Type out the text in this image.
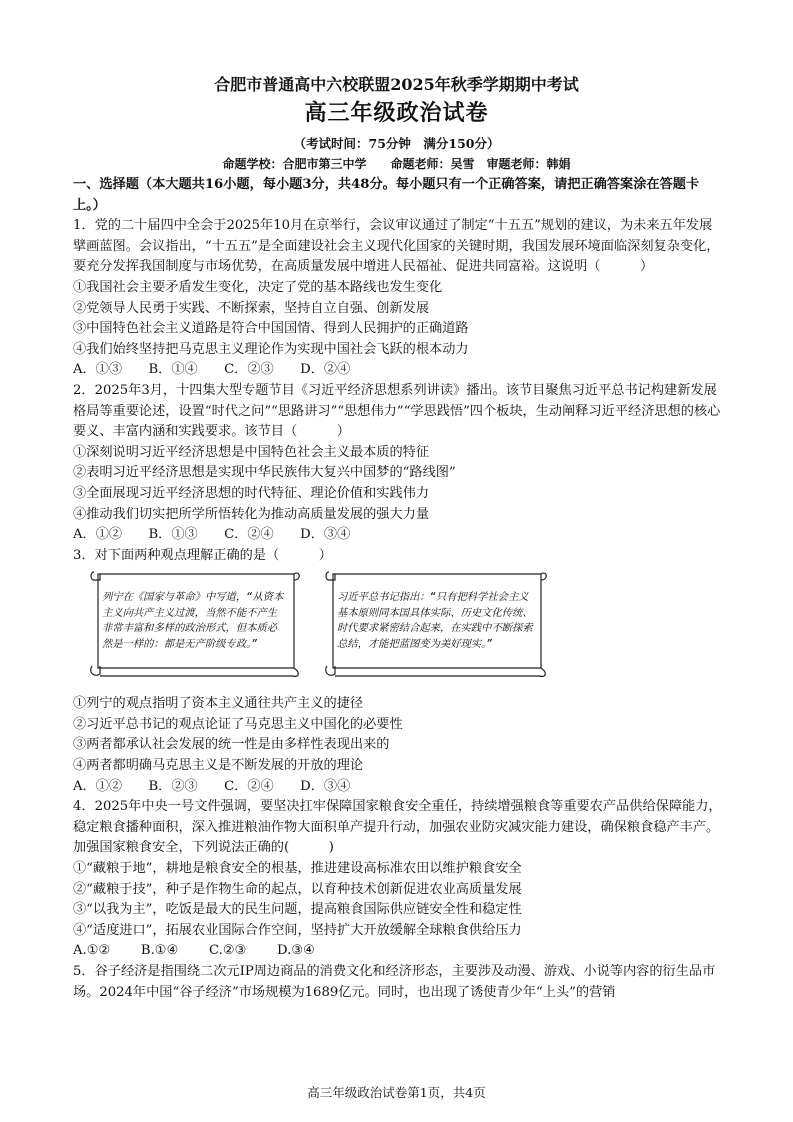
合肥市普通高中六校联盟2025年秋季学期期中考试
高三年级政治试卷
（考试时间：75分钟　满分150分）
命题学校：合肥市第三中学　　命题老师：吴雪　审题老师：韩娟

一、选择题（本大题共16小题，每小题3分，共48分。每小题只有一个正确答案，请把正确答案涂在答题卡上。）

1．党的二十届四中全会于2025年10月在京举行，会议审议通过了制定“十五五”规划的建议，为未来五年发展擘画蓝图。会议指出，“十五五”是全面建设社会主义现代化国家的关键时期，我国发展环境面临深刻复杂变化，要充分发挥我国制度与市场优势，在高质量发展中增进人民福祉、促进共同富裕。这说明（　　　）

①我国社会主要矛盾发生变化，决定了党的基本路线也发生变化

②党领导人民勇于实践、不断探索，坚持自立自强、创新发展

③中国特色社会主义道路是符合中国国情、得到人民拥护的正确道路

④我们始终坚持把马克思主义理论作为实现中国社会飞跃的根本动力

A．①③　　B．①④　　C．②③　　D．②④

2．2025年3月，十四集大型专题节目《习近平经济思想系列讲读》播出。该节目聚焦习近平总书记构建新发展格局等重要论述，设置“时代之问”“思路讲习”“思想伟力”“学思践悟”四个板块，生动阐释习近平经济思想的核心要义、丰富内涵和实践要求。该节目（　　　）

①深刻说明习近平经济思想是中国特色社会主义最本质的特征

②表明习近平经济思想是实现中华民族伟大复兴中国梦的“路线图”

③全面展现习近平经济思想的时代特征、理论价值和实践伟力

④推动我们切实把所学所悟转化为推动高质量发展的强大力量

A．①②　　B．①③　　C．②④　　D．③④

3．对下面两种观点理解正确的是（　　　）

列宁在《国家与革命》中写道，“从资本主义向共产主义过渡，当然不能不产生非常丰富和多样的政治形式，但本质必然是一样的：都是无产阶级专政。”
习近平总书记指出：“只有把科学社会主义基本原则同本国具体实际、历史文化传统、时代要求紧密结合起来，在实践中不断探索总结，才能把蓝图变为美好现实。”

①列宁的观点指明了资本主义通往共产主义的捷径

②习近平总书记的观点论证了马克思主义中国化的必要性

③两者都承认社会发展的统一性是由多样性表现出来的

④两者都明确马克思主义是不断发展的开放的理论

A．①②　　B．②③　　C．②④　　D．③④

4．2025年中央一号文件强调，要坚决扛牢保障国家粮食安全重任，持续增强粮食等重要农产品供给保障能力，稳定粮食播种面积，深入推进粮油作物大面积单产提升行动，加强农业防灾减灾能力建设，确保粮食稳产丰产。加强国家粮食安全，下列说法正确的(　　　)

①“藏粮于地”，耕地是粮食安全的根基，推进建设高标准农田以维护粮食安全

②“藏粮于技”，种子是作物生命的起点，以育种技术创新促进农业高质量发展

③“以我为主”，吃饭是最大的民生问题，提高粮食国际供应链安全性和稳定性

④“适度进口”，拓展农业国际合作空间，坚持扩大开放缓解全球粮食供给压力

A.①②　　 B.①④　　 C.②③　　 D.③④

5．谷子经济是指围绕二次元IP周边商品的消费文化和经济形态，主要涉及动漫、游戏、小说等内容的衍生品市场。2024年中国“谷子经济”市场规模为1689亿元。同时，也出现了诱使青少年“上头”的营销

高三年级政治试卷第1页，共4页
